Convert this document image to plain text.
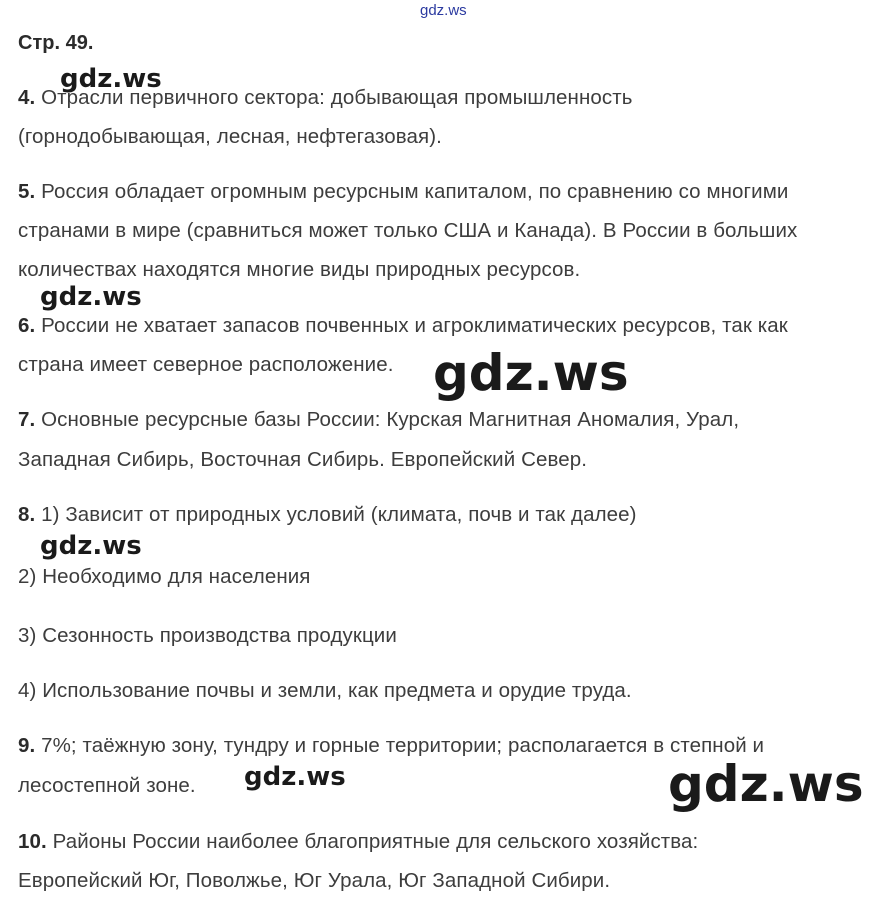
gdz.ws
Стр. 49.
4. Отрасли первичного сектора: добывающая промышленность
(горнодобывающая, лесная, нефтегазовая).
5. Россия обладает огромным ресурсным капиталом, по сравнению со многими
странами в мире (сравниться может только США и Канада). В России в больших
количествах находятся многие виды природных ресурсов.
6. России не хватает запасов почвенных и агроклиматических ресурсов, так как
страна имеет северное расположение.
7. Основные ресурсные базы России: Курская Магнитная Аномалия, Урал,
Западная Сибирь, Восточная Сибирь. Европейский Север.
8. 1) Зависит от природных условий (климата, почв и так далее)
2) Необходимо для населения
3) Сезонность производства продукции
4) Использование почвы и земли, как предмета и орудие труда.
9. 7%; таёжную зону, тундру и горные территории; располагается в степной и
лесостепной зоне.
10. Районы России наиболее благоприятные для сельского хозяйства:
Европейский Юг, Поволжье, Юг Урала, Юг Западной Сибири.
gdz.ws
gdz.ws
gdz.ws
gdz.ws
gdz.ws	gdz.ws
